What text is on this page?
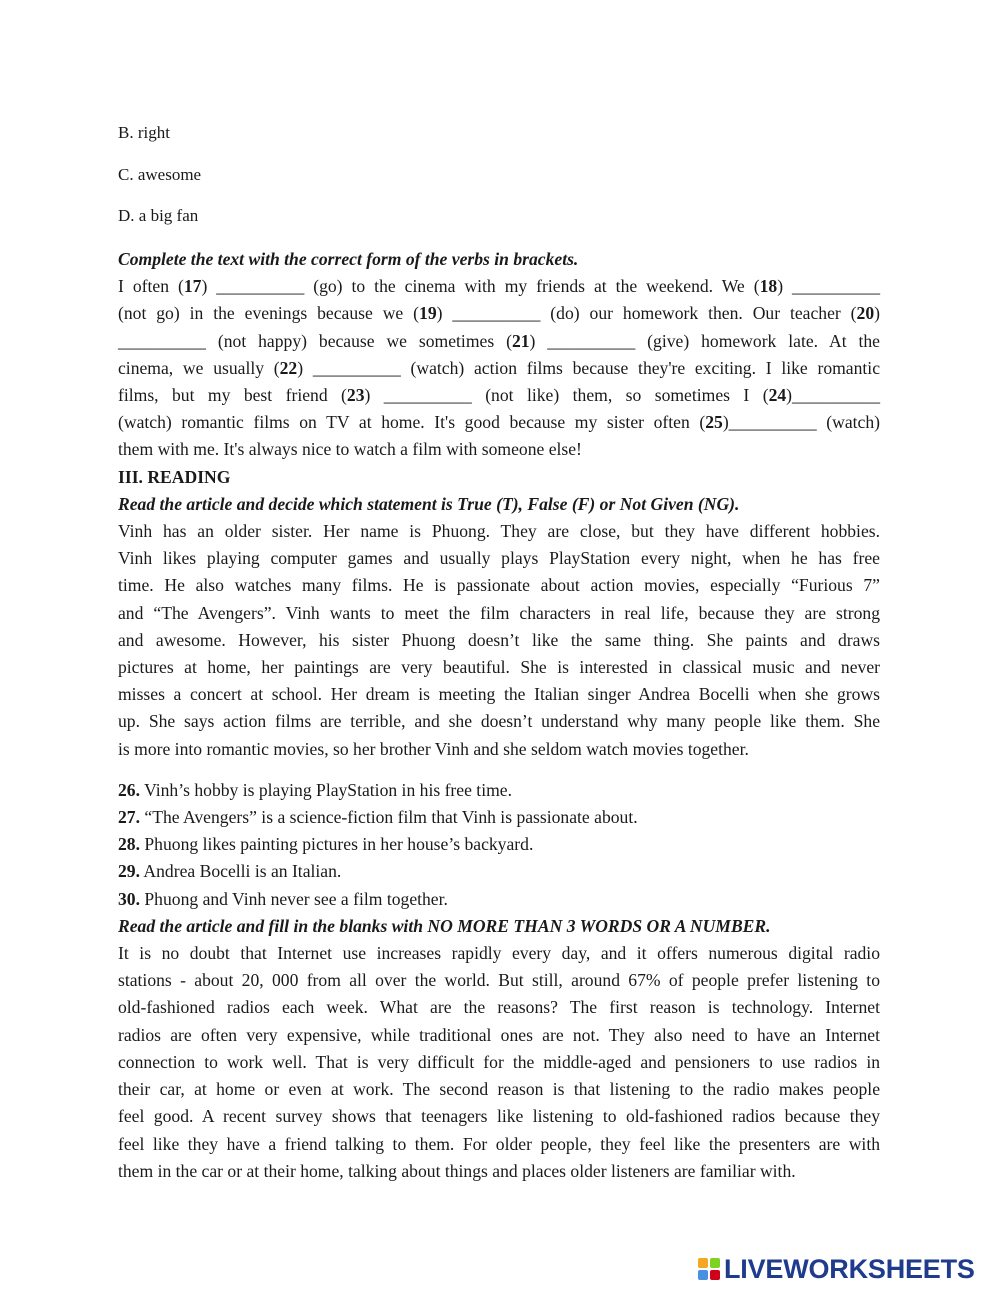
B. right
C. awesome
D. a big fan

Complete the text with the correct form of the verbs in brackets.

I often (17) __________ (go) to the cinema with my friends at the weekend. We (18) __________

(not go) in the evenings because we (19) __________ (do) our homework then. Our teacher (20)

__________ (not happy) because we sometimes (21) __________ (give) homework late. At the

cinema, we usually (22) __________ (watch) action films because they're exciting. I like romantic

films, but my best friend (23) __________ (not like) them, so sometimes I (24)__________

(watch) romantic films on TV at home. It's good because my sister often (25)__________ (watch)

them with me. It's always nice to watch a film with someone else!

III. READING

Read the article and decide which statement is True (T), False (F) or Not Given (NG).

Vinh has an older sister. Her name is Phuong. They are close, but they have different hobbies.

Vinh likes playing computer games and usually plays PlayStation every night, when he has free

time. He also watches many films. He is passionate about action movies, especially “Furious 7”

and “The Avengers”. Vinh wants to meet the film characters in real life, because they are strong

and awesome. However, his sister Phuong doesn’t like the same thing. She paints and draws

pictures at home, her paintings are very beautiful. She is interested in classical music and never

misses a concert at school. Her dream is meeting the Italian singer Andrea Bocelli when she grows

up. She says action films are terrible, and she doesn’t understand why many people like them. She

is more into romantic movies, so her brother Vinh and she seldom watch movies together.

26. Vinh’s hobby is playing PlayStation in his free time.

27. “The Avengers” is a science-fiction film that Vinh is passionate about.

28. Phuong likes painting pictures in her house’s backyard.

29. Andrea Bocelli is an Italian.

30. Phuong and Vinh never see a film together.

Read the article and fill in the blanks with NO MORE THAN 3 WORDS OR A NUMBER.

It is no doubt that Internet use increases rapidly every day, and it offers numerous digital radio

stations - about 20, 000 from all over the world. But still, around 67% of people prefer listening to

old-fashioned radios each week. What are the reasons? The first reason is technology. Internet

radios are often very expensive, while traditional ones are not. They also need to have an Internet

connection to work well. That is very difficult for the middle-aged and pensioners to use radios in

their car, at home or even at work. The second reason is that listening to the radio makes people

feel good. A recent survey shows that teenagers like listening to old-fashioned radios because they

feel like they have a friend talking to them. For older people, they feel like the presenters are with

them in the car or at their home, talking about things and places older listeners are familiar with.

LIVEWORKSHEETS
